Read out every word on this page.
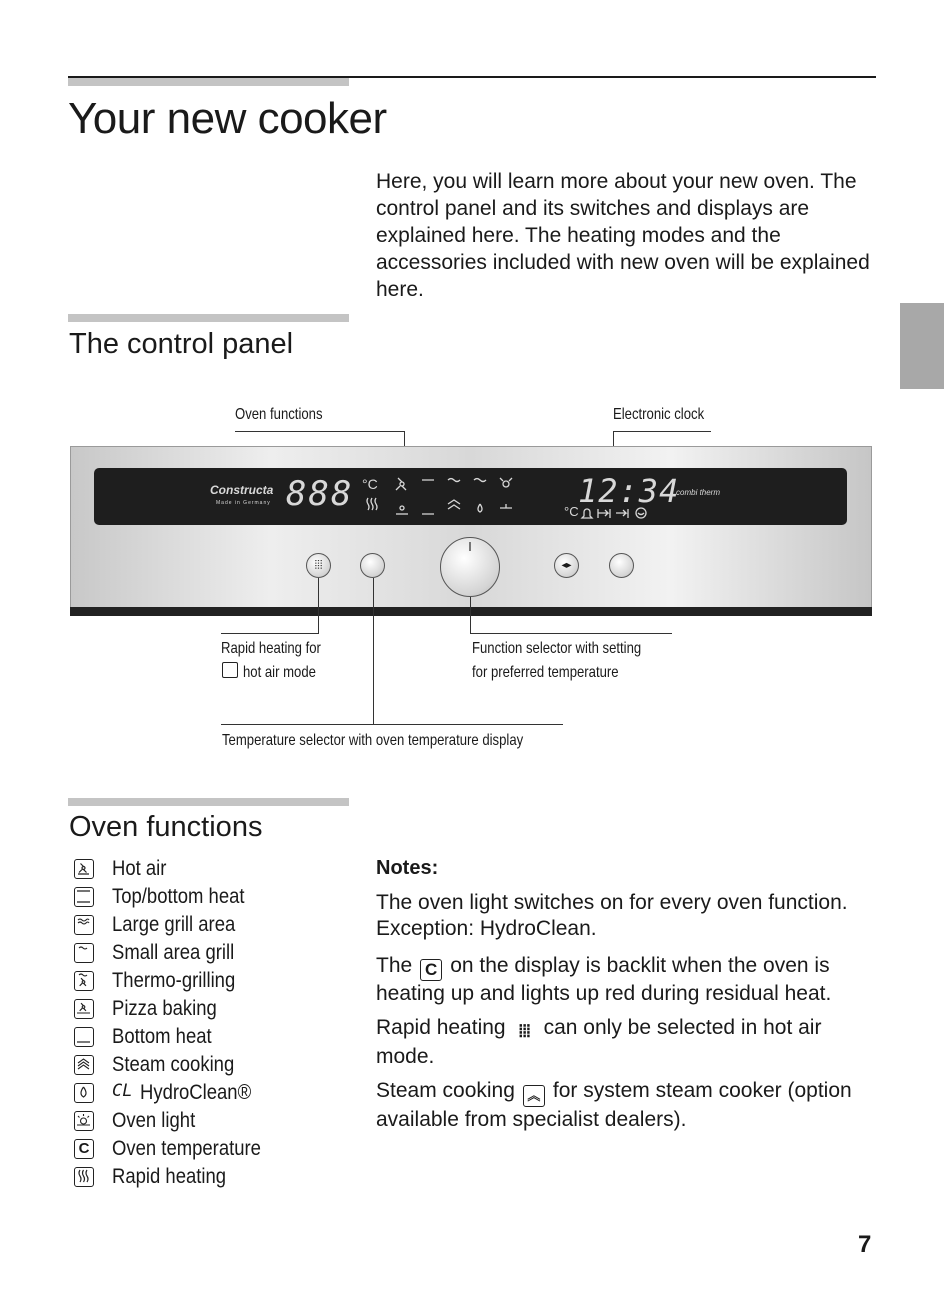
Your new cooker
Here, you will learn more about your new oven. The control panel and its switches and displays are explained here. The heating modes and the accessories included with new oven will be explained here.
The control panel
Oven functions	Electronic clock
Constructa
Made in Germany 888 °C	12:34
°C
combi therm
⦙⦙⦙	◂▸
Rapid heating for
hot air mode
Function selector with setting
for preferred temperature
Temperature selector with oven temperature display
Oven functions
Hot air
Top/bottom heat
Large grill area
Small area grill
Thermo-grilling
Pizza baking
Bottom heat
Steam cooking
CL HydroClean®
Oven light
C Oven temperature
Rapid heating
Notes:
The oven light switches on for every oven function. Exception: HydroClean.
The C on the display is backlit when the oven is heating up and lights up red during residual heat.
Rapid heating ⦙⦙⦙ can only be selected in hot air mode.
Steam cooking ︽ for system steam cooker (option available from specialist dealers).
7
